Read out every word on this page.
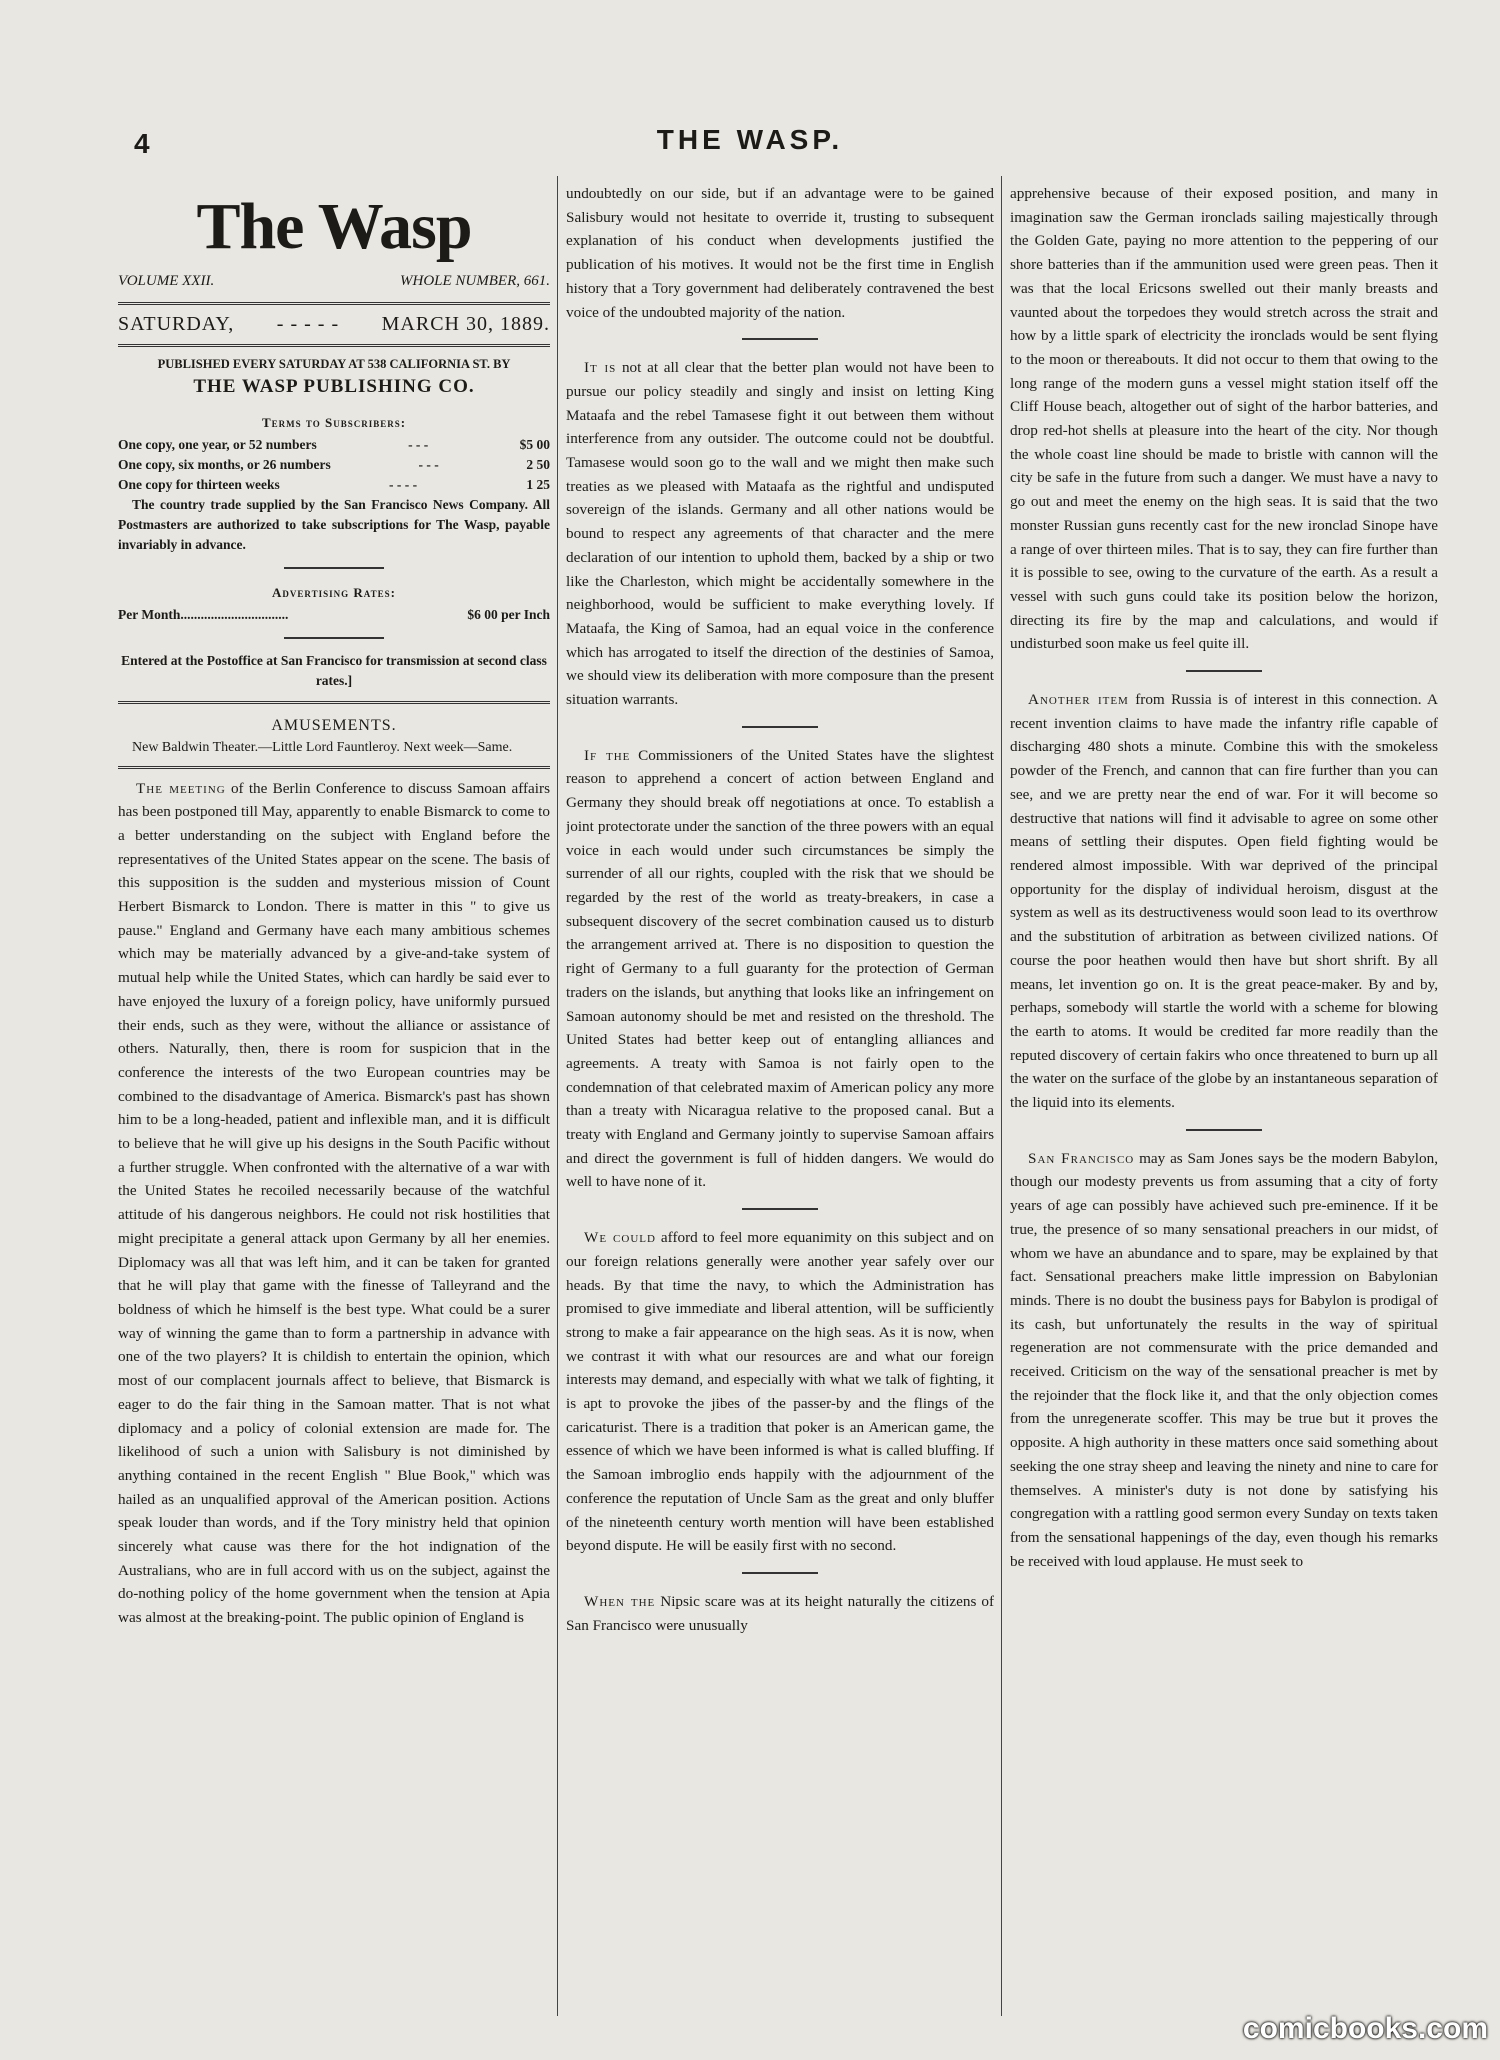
4	THE WASP.
The Wasp
VOLUME XXII.	WHOLE NUMBER, 661.
SATURDAY, - - - - - MARCH 30, 1889.
PUBLISHED EVERY SATURDAY AT 538 CALIFORNIA ST. BY
THE WASP PUBLISHING CO.
Terms to Subscribers:
One copy, one year, or 52 numbers	- - -	$5 00
One copy, six months, or 26 numbers	- - -	2 50
One copy for thirteen weeks	- - - -	1 25
The country trade supplied by the San Francisco News Company. All Postmasters are authorized to take subscriptions for The Wasp, payable invariably in advance.
Advertising Rates:
Per Month................................	$6 00 per Inch
Entered at the Postoffice at San Francisco for transmission at second class rates.]
AMUSEMENTS.
New Baldwin Theater.—Little Lord Fauntleroy. Next week—Same.

The meeting of the Berlin Conference to discuss Samoan affairs has been postponed till May, apparently to enable Bismarck to come to a better understanding on the subject with England before the representatives of the United States appear on the scene. The basis of this supposition is the sudden and mysterious mission of Count Herbert Bismarck to London. There is matter in this " to give us pause." England and Germany have each many ambitious schemes which may be materially advanced by a give-and-take system of mutual help while the United States, which can hardly be said ever to have enjoyed the luxury of a foreign policy, have uniformly pursued their ends, such as they were, without the alliance or assistance of others. Naturally, then, there is room for suspicion that in the conference the interests of the two European countries may be combined to the disadvantage of America. Bismarck's past has shown him to be a long-headed, patient and inflexible man, and it is difficult to believe that he will give up his designs in the South Pacific without a further struggle. When confronted with the alternative of a war with the United States he recoiled necessarily because of the watchful attitude of his dangerous neighbors. He could not risk hostilities that might precipitate a general attack upon Germany by all her enemies. Diplomacy was all that was left him, and it can be taken for granted that he will play that game with the finesse of Talleyrand and the boldness of which he himself is the best type. What could be a surer way of winning the game than to form a partnership in advance with one of the two players? It is childish to entertain the opinion, which most of our complacent journals affect to believe, that Bismarck is eager to do the fair thing in the Samoan matter. That is not what diplomacy and a policy of colonial extension are made for. The likelihood of such a union with Salisbury is not diminished by anything contained in the recent English " Blue Book," which was hailed as an unqualified approval of the American position. Actions speak louder than words, and if the Tory ministry held that opinion sincerely what cause was there for the hot indignation of the Australians, who are in full accord with us on the subject, against the do-nothing policy of the home government when the tension at Apia was almost at the breaking-point. The public opinion of England is

undoubtedly on our side, but if an advantage were to be gained Salisbury would not hesitate to override it, trusting to subsequent explanation of his conduct when developments justified the publication of his motives. It would not be the first time in English history that a Tory government had deliberately contravened the best voice of the undoubted majority of the nation.

It is not at all clear that the better plan would not have been to pursue our policy steadily and singly and insist on letting King Mataafa and the rebel Tamasese fight it out between them without interference from any outsider. The outcome could not be doubtful. Tamasese would soon go to the wall and we might then make such treaties as we pleased with Mataafa as the rightful and undisputed sovereign of the islands. Germany and all other nations would be bound to respect any agreements of that character and the mere declaration of our intention to uphold them, backed by a ship or two like the Charleston, which might be accidentally somewhere in the neighborhood, would be sufficient to make everything lovely. If Mataafa, the King of Samoa, had an equal voice in the conference which has arrogated to itself the direction of the destinies of Samoa, we should view its deliberation with more composure than the present situation warrants.

If the Commissioners of the United States have the slightest reason to apprehend a concert of action between England and Germany they should break off negotiations at once. To establish a joint protectorate under the sanction of the three powers with an equal voice in each would under such circumstances be simply the surrender of all our rights, coupled with the risk that we should be regarded by the rest of the world as treaty-breakers, in case a subsequent discovery of the secret combination caused us to disturb the arrangement arrived at. There is no disposition to question the right of Germany to a full guaranty for the protection of German traders on the islands, but anything that looks like an infringement on Samoan autonomy should be met and resisted on the threshold. The United States had better keep out of entangling alliances and agreements. A treaty with Samoa is not fairly open to the condemnation of that celebrated maxim of American policy any more than a treaty with Nicaragua relative to the proposed canal. But a treaty with England and Germany jointly to supervise Samoan affairs and direct the government is full of hidden dangers. We would do well to have none of it.

We could afford to feel more equanimity on this subject and on our foreign relations generally were another year safely over our heads. By that time the navy, to which the Administration has promised to give immediate and liberal attention, will be sufficiently strong to make a fair appearance on the high seas. As it is now, when we contrast it with what our resources are and what our foreign interests may demand, and especially with what we talk of fighting, it is apt to provoke the jibes of the passer-by and the flings of the caricaturist. There is a tradition that poker is an American game, the essence of which we have been informed is what is called bluffing. If the Samoan imbroglio ends happily with the adjournment of the conference the reputation of Uncle Sam as the great and only bluffer of the nineteenth century worth mention will have been established beyond dispute. He will be easily first with no second.

When the Nipsic scare was at its height naturally the citizens of San Francisco were unusually

apprehensive because of their exposed position, and many in imagination saw the German ironclads sailing majestically through the Golden Gate, paying no more attention to the peppering of our shore batteries than if the ammunition used were green peas. Then it was that the local Ericsons swelled out their manly breasts and vaunted about the torpedoes they would stretch across the strait and how by a little spark of electricity the ironclads would be sent flying to the moon or thereabouts. It did not occur to them that owing to the long range of the modern guns a vessel might station itself off the Cliff House beach, altogether out of sight of the harbor batteries, and drop red-hot shells at pleasure into the heart of the city. Nor though the whole coast line should be made to bristle with cannon will the city be safe in the future from such a danger. We must have a navy to go out and meet the enemy on the high seas. It is said that the two monster Russian guns recently cast for the new ironclad Sinope have a range of over thirteen miles. That is to say, they can fire further than it is possible to see, owing to the curvature of the earth. As a result a vessel with such guns could take its position below the horizon, directing its fire by the map and calculations, and would if undisturbed soon make us feel quite ill.

Another item from Russia is of interest in this connection. A recent invention claims to have made the infantry rifle capable of discharging 480 shots a minute. Combine this with the smokeless powder of the French, and cannon that can fire further than you can see, and we are pretty near the end of war. For it will become so destructive that nations will find it advisable to agree on some other means of settling their disputes. Open field fighting would be rendered almost impossible. With war deprived of the principal opportunity for the display of individual heroism, disgust at the system as well as its destructiveness would soon lead to its overthrow and the substitution of arbitration as between civilized nations. Of course the poor heathen would then have but short shrift. By all means, let invention go on. It is the great peace-maker. By and by, perhaps, somebody will startle the world with a scheme for blowing the earth to atoms. It would be credited far more readily than the reputed discovery of certain fakirs who once threatened to burn up all the water on the surface of the globe by an instantaneous separation of the liquid into its elements.

San Francisco may as Sam Jones says be the modern Babylon, though our modesty prevents us from assuming that a city of forty years of age can possibly have achieved such pre-eminence. If it be true, the presence of so many sensational preachers in our midst, of whom we have an abundance and to spare, may be explained by that fact. Sensational preachers make little impression on Babylonian minds. There is no doubt the business pays for Babylon is prodigal of its cash, but unfortunately the results in the way of spiritual regeneration are not commensurate with the price demanded and received. Criticism on the way of the sensational preacher is met by the rejoinder that the flock like it, and that the only objection comes from the unregenerate scoffer. This may be true but it proves the opposite. A high authority in these matters once said something about seeking the one stray sheep and leaving the ninety and nine to care for themselves. A minister's duty is not done by satisfying his congregation with a rattling good sermon every Sunday on texts taken from the sensational happenings of the day, even though his remarks be received with loud applause. He must seek to

comicbooks.com
